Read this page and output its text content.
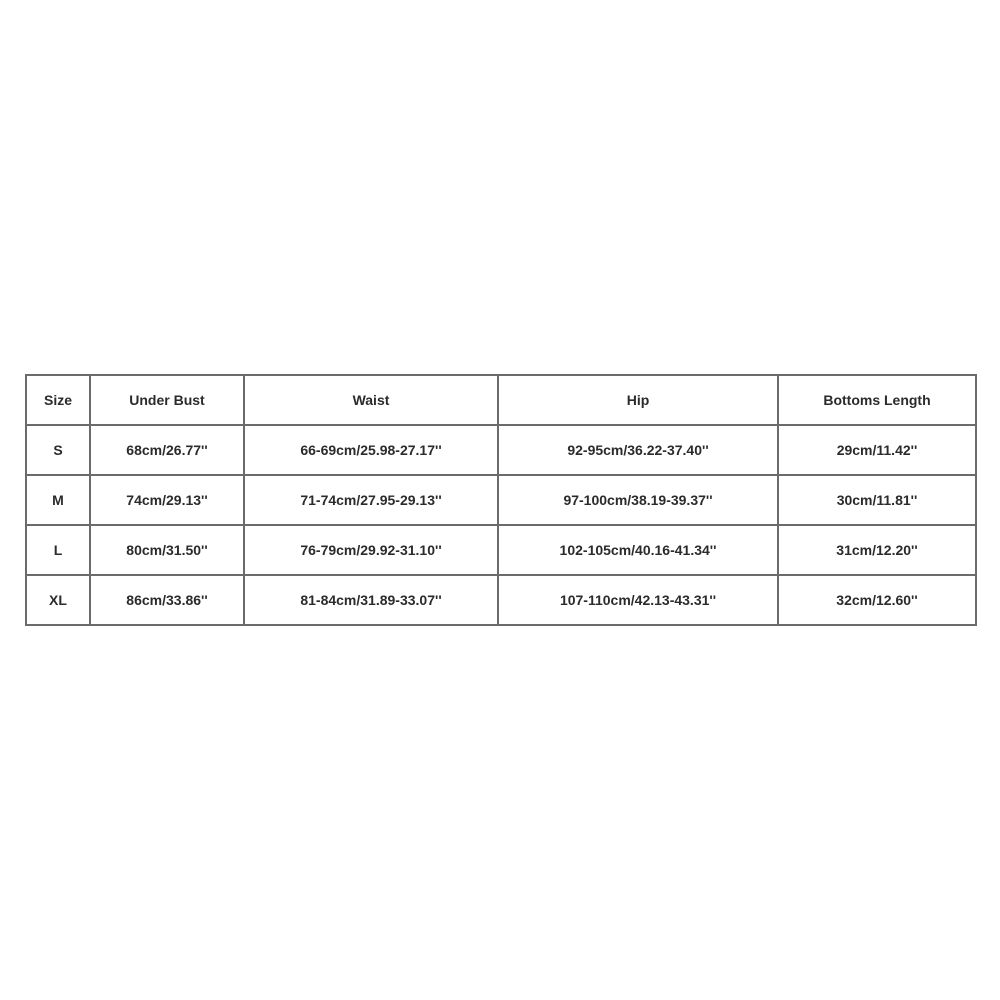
Size	Under Bust	Waist	Hip	Bottoms Length
S	68cm/26.77''	66-69cm/25.98-27.17''	92-95cm/36.22-37.40''	29cm/11.42''
M	74cm/29.13''	71-74cm/27.95-29.13''	97-100cm/38.19-39.37''	30cm/11.81''
L	80cm/31.50''	76-79cm/29.92-31.10''	102-105cm/40.16-41.34''	31cm/12.20''
XL	86cm/33.86''	81-84cm/31.89-33.07''	107-110cm/42.13-43.31''	32cm/12.60''
